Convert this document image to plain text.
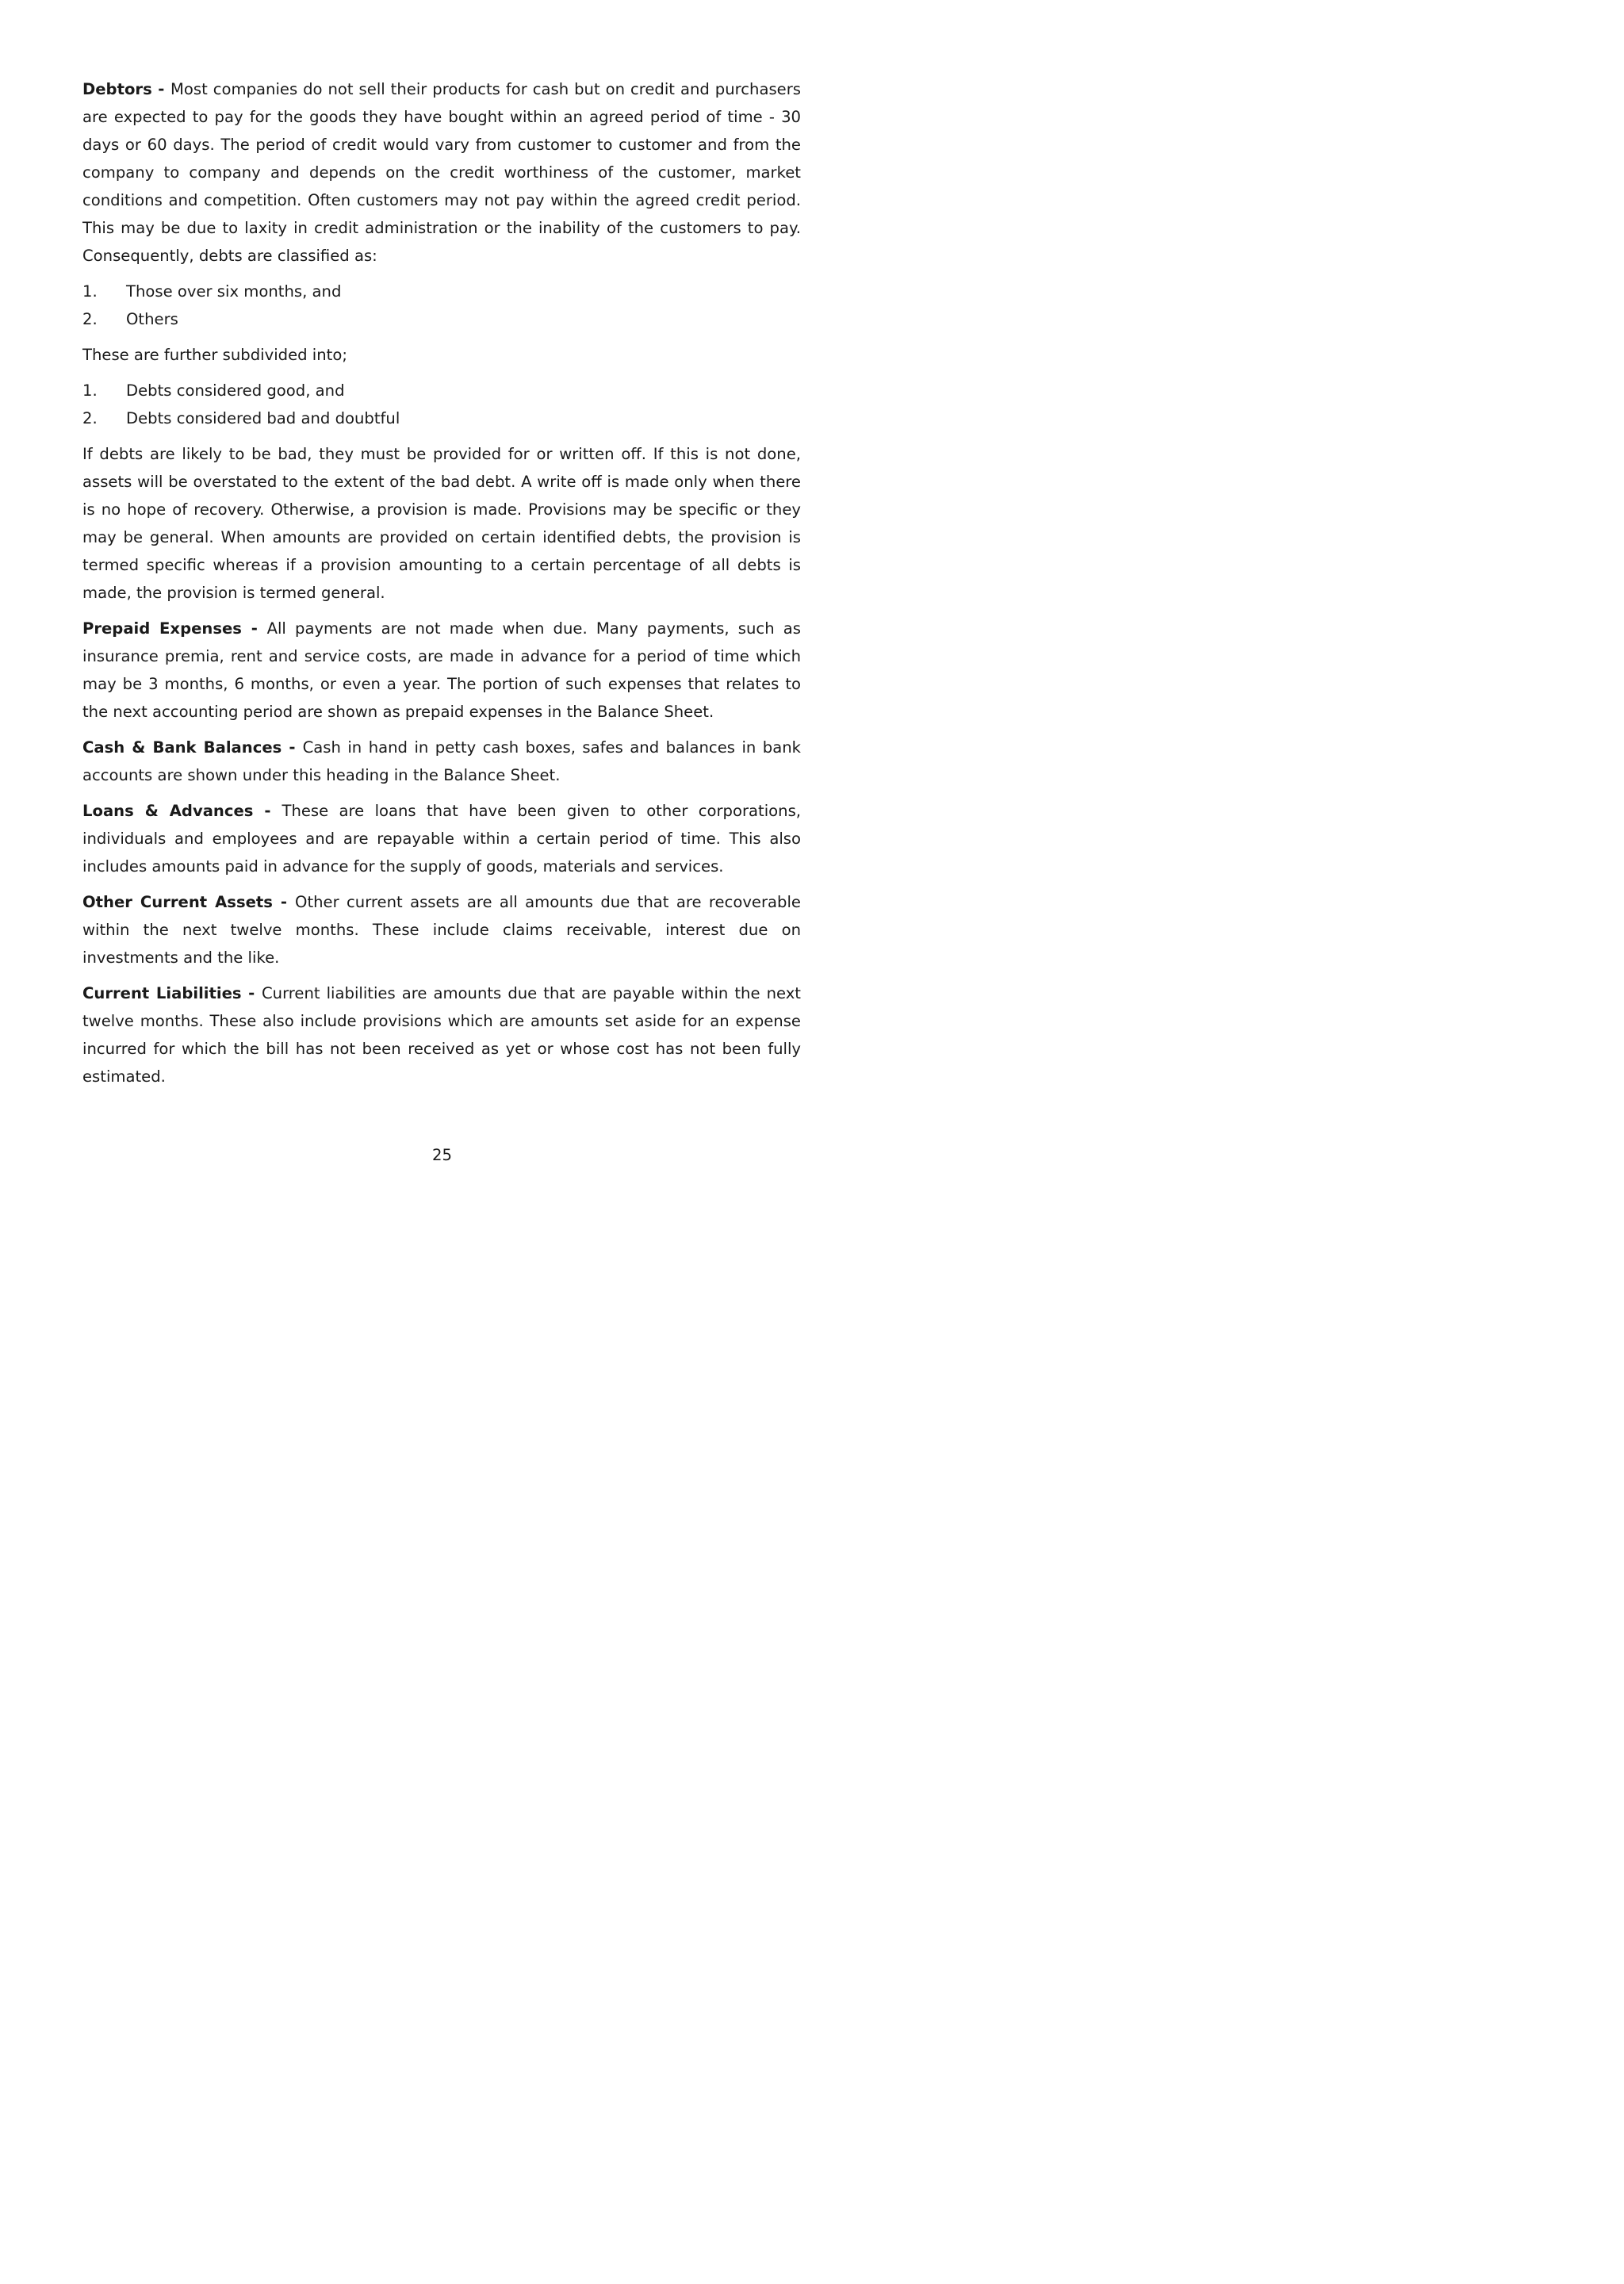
Debtors - Most companies do not sell their products for cash but on credit and purchasers are expected to pay for the goods they have bought within an agreed period of time - 30 days or 60 days. The period of credit would vary from customer to customer and from the company to company and depends on the credit worthiness of the customer, market conditions and competition. Often customers may not pay within the agreed credit period. This may be due to laxity in credit administration or the inability of the customers to pay. Consequently, debts are classified as:

1. Those over six months, and
2. Others

These are further subdivided into;

1. Debts considered good, and
2. Debts considered bad and doubtful

If debts are likely to be bad, they must be provided for or written off. If this is not done, assets will be overstated to the extent of the bad debt. A write off is made only when there is no hope of recovery. Otherwise, a provision is made. Provisions may be specific or they may be general. When amounts are provided on certain identified debts, the provision is termed specific whereas if a provision amounting to a certain percentage of all debts is made, the provision is termed general.

Prepaid Expenses - All payments are not made when due. Many payments, such as insurance premia, rent and service costs, are made in advance for a period of time which may be 3 months, 6 months, or even a year. The portion of such expenses that relates to the next accounting period are shown as prepaid expenses in the Balance Sheet.

Cash & Bank Balances - Cash in hand in petty cash boxes, safes and balances in bank accounts are shown under this heading in the Balance Sheet.

Loans & Advances - These are loans that have been given to other corporations, individuals and employees and are repayable within a certain period of time. This also includes amounts paid in advance for the supply of goods, materials and services.

Other Current Assets - Other current assets are all amounts due that are recoverable within the next twelve months. These include claims receivable, interest due on investments and the like.

Current Liabilities - Current liabilities are amounts due that are payable within the next twelve months. These also include provisions which are amounts set aside for an expense incurred for which the bill has not been received as yet or whose cost has not been fully estimated.

25
